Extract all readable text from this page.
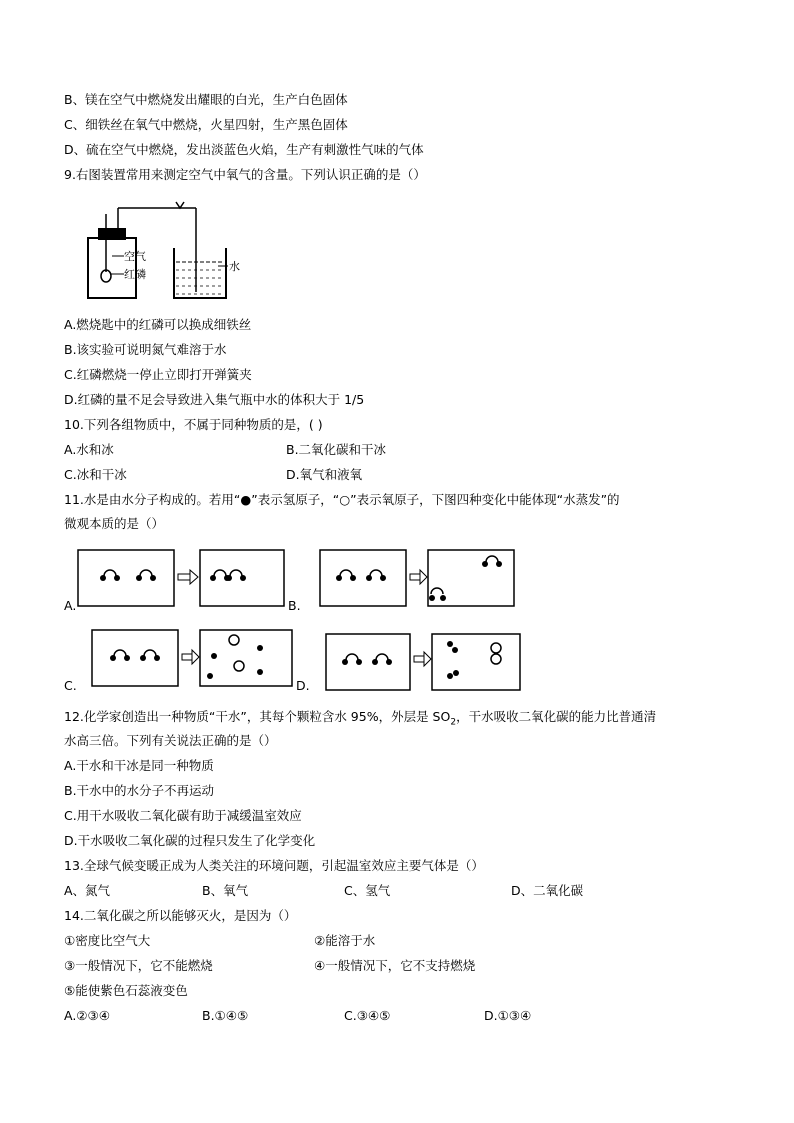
B、镁在空气中燃烧发出耀眼的白光，生产白色固体
C、细铁丝在氧气中燃烧，火星四射，生产黑色固体
D、硫在空气中燃烧，发出淡蓝色火焰，生产有刺激性气味的气体
9.右图装置常用来测定空气中氧气的含量。下列认识正确的是（）
空气
红磷
水
A.燃烧匙中的红磷可以换成细铁丝
B.该实验可说明氮气难溶于水
C.红磷燃烧一停止立即打开弹簧夹
D.红磷的量不足会导致进入集气瓶中水的体积大于 1/5
10.下列各组物质中，不属于同种物质的是，( )
A.水和冰	B.二氧化碳和干冰
C.冰和干冰	D.氧气和液氧
11.水是由水分子构成的。若用“●”表示氢原子，“○”表示氧原子，下图四种变化中能体现“水蒸发”的
微观本质的是（）
A.	B.
C.	D.
12.化学家创造出一种物质“干水”，其每个颗粒含水 95%，外层是 $SO_2$，干水吸收二氧化碳的能力比普通清
水高三倍。下列有关说法正确的是（）
A.干水和干冰是同一种物质
B.干水中的水分子不再运动
C.用干水吸收二氧化碳有助于减缓温室效应
D.干水吸收二氧化碳的过程只发生了化学变化
13.全球气候变暖正成为人类关注的环境问题，引起温室效应主要气体是（）
A、氮气	B、氧气	C、氢气	D、二氧化碳
14.二氧化碳之所以能够灭火，是因为（）
①密度比空气大	②能溶于水
③一般情况下，它不能燃烧	④一般情况下，它不支持燃烧
⑤能使紫色石蕊液变色
A.②③④	B.①④⑤	C.③④⑤	D.①③④
